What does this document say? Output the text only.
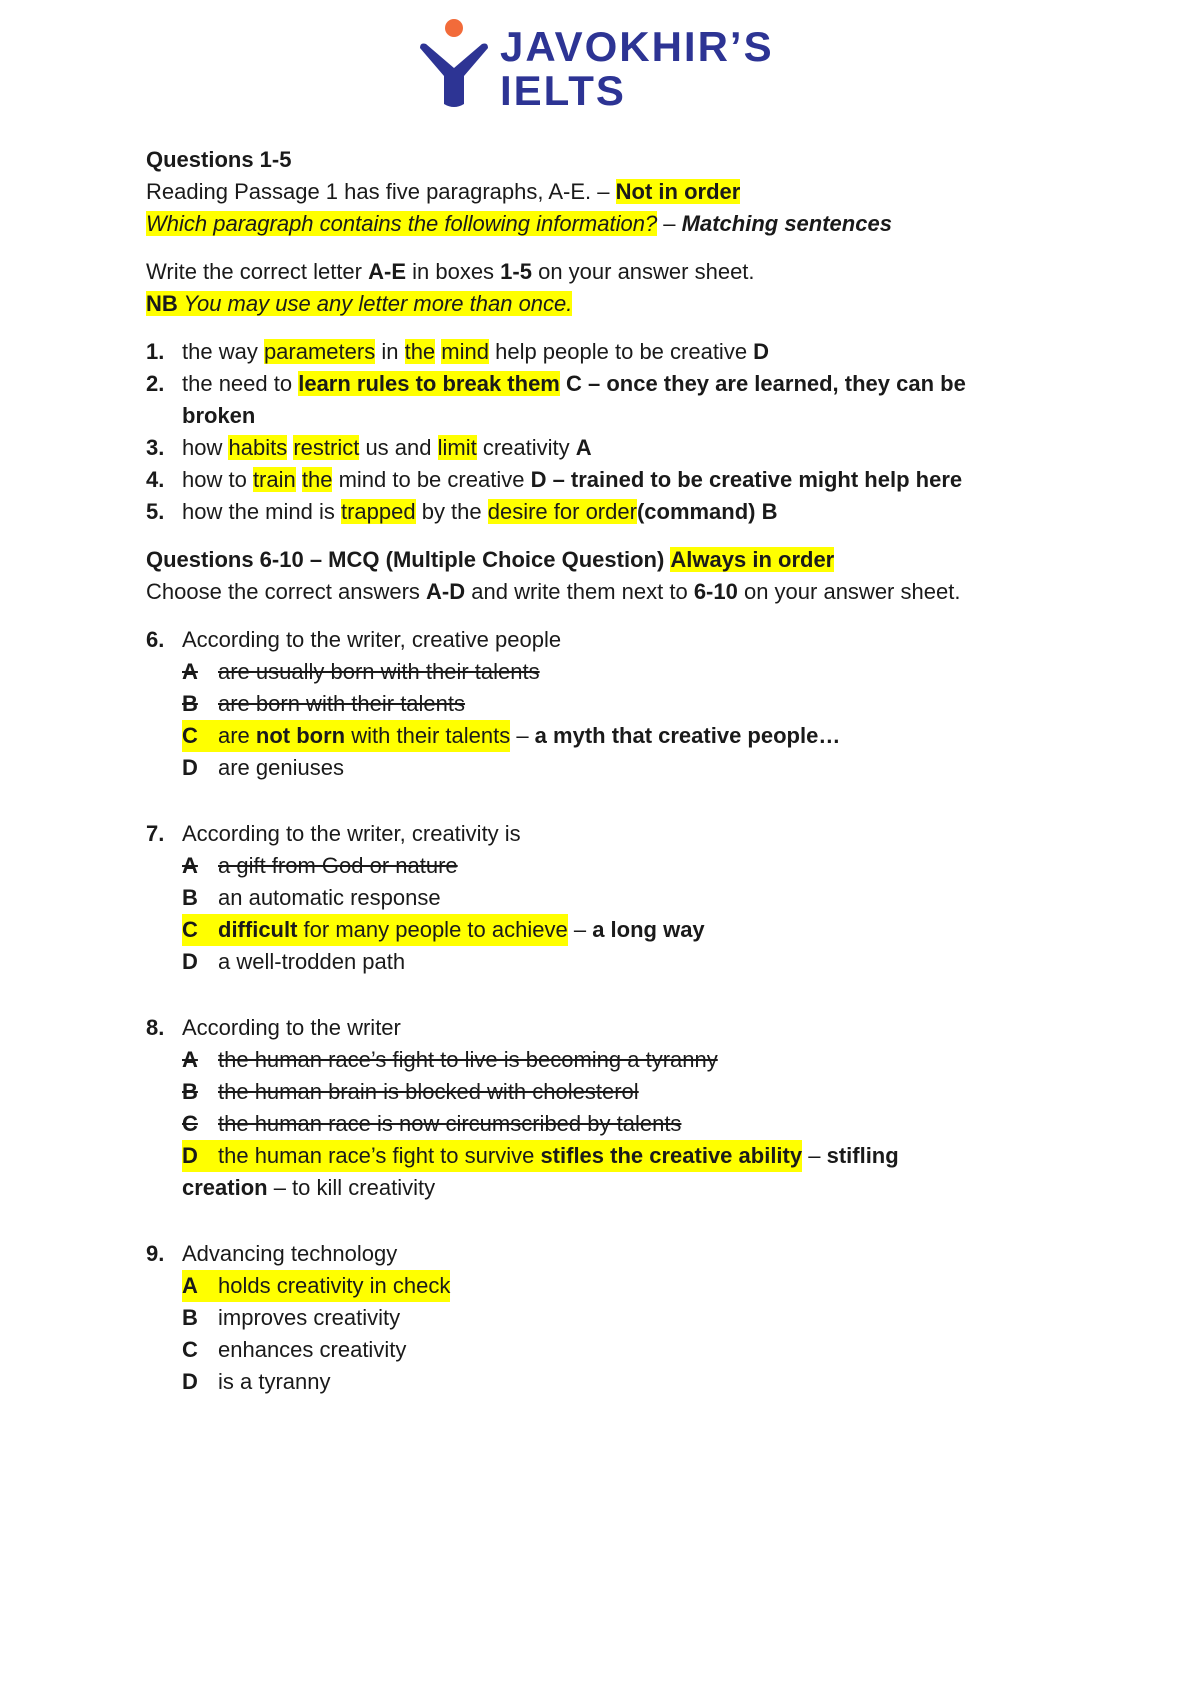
JAVOKHIR’S
IELTS
Questions 1-5
Reading Passage 1 has five paragraphs, A-E. – Not in order
Which paragraph contains the following information? – Matching sentences
Write the correct letter A-E in boxes 1-5 on your answer sheet.
NB You may use any letter more than once.
1. the way parameters in the mind help people to be creative D
2. the need to learn rules to break them C – once they are learned, they can be
broken
3. how habits restrict us and limit creativity A
4. how to train the mind to be creative D – trained to be creative might help here
5. how the mind is trapped by the desire for order(command) B
Questions 6-10 – MCQ (Multiple Choice Question) Always in order
Choose the correct answers A-D and write them next to 6-10 on your answer sheet.
6. According to the writer, creative people
A are usually born with their talents
B are born with their talents
C are not born with their talents – a myth that creative people…
D are geniuses
7. According to the writer, creativity is
A a gift from God or nature
B an automatic response
C difficult for many people to achieve – a long way
D a well-trodden path
8. According to the writer
A the human race’s fight to live is becoming a tyranny
B the human brain is blocked with cholesterol
C the human race is now circumscribed by talents
D the human race’s fight to survive stifles the creative ability – stifling
creation – to kill creativity
9. Advancing technology
A holds creativity in check
B improves creativity
C enhances creativity
D is a tyranny
